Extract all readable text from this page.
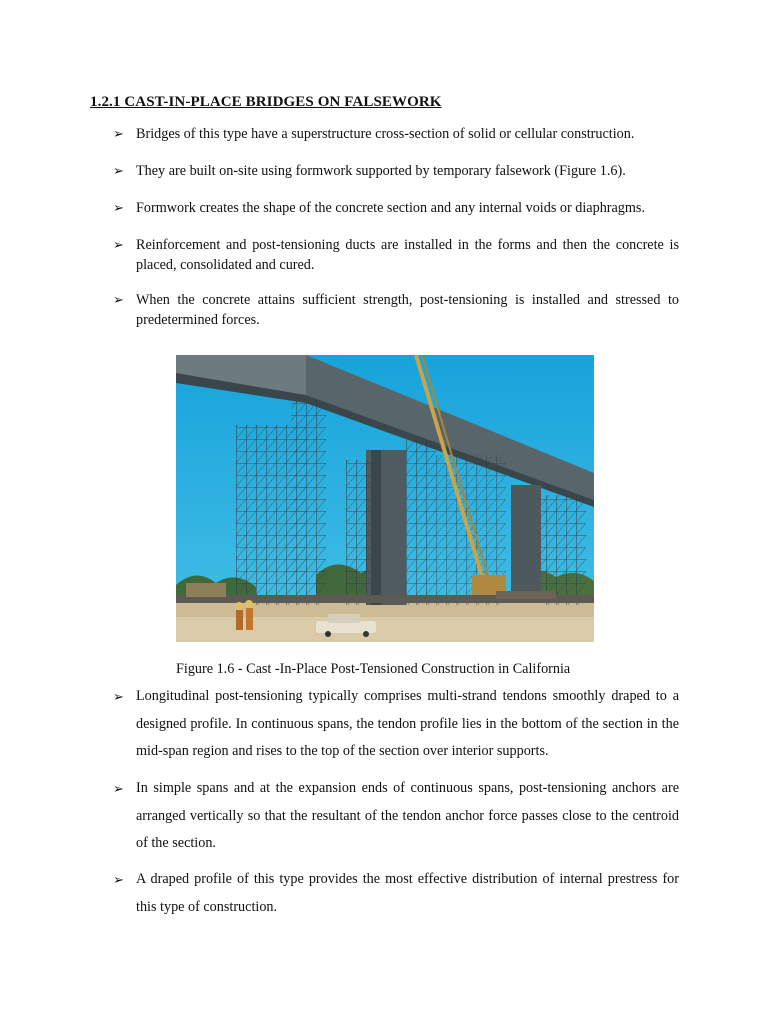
1.2.1 CAST-IN-PLACE BRIDGES ON FALSEWORK
➢ Bridges of this type have a superstructure cross-section of solid or cellular construction.
➢ They are built on-site using formwork supported by temporary falsework (Figure 1.6).
➢ Formwork creates the shape of the concrete section and any internal voids or diaphragms.
➢ Reinforcement and post-tensioning ducts are installed in the forms and then the concrete is placed, consolidated and cured.
➢ When the concrete attains sufficient strength, post-tensioning is installed and stressed to predetermined forces.
Figure 1.6 - Cast -In-Place Post-Tensioned Construction in California
➢ Longitudinal post-tensioning typically comprises multi-strand tendons smoothly draped to a designed profile. In continuous spans, the tendon profile lies in the bottom of the section in the mid-span region and rises to the top of the section over interior supports.
➢ In simple spans and at the expansion ends of continuous spans, post-tensioning anchors are arranged vertically so that the resultant of the tendon anchor force passes close to the centroid of the section.
➢ A draped profile of this type provides the most effective distribution of internal prestress for this type of construction.
